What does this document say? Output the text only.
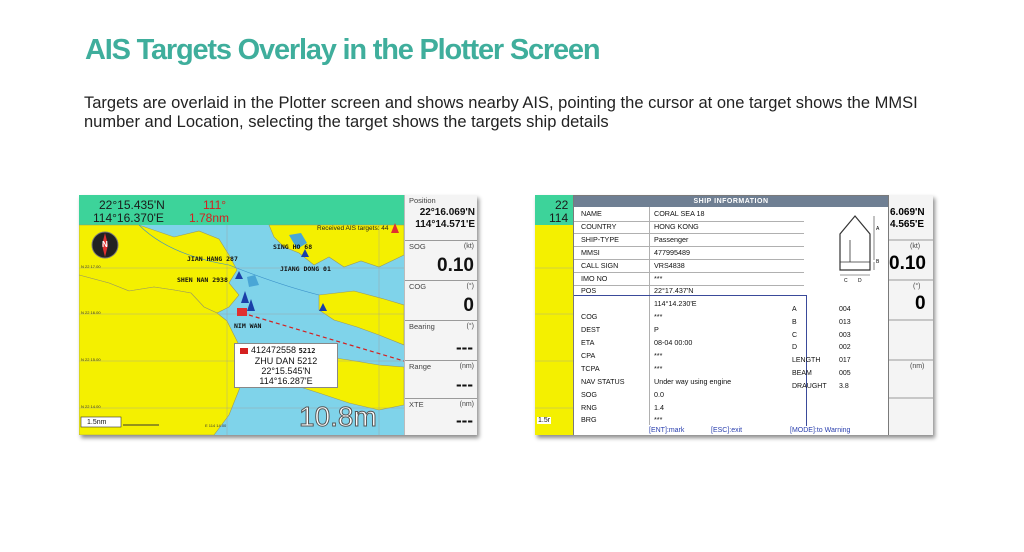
AIS Targets Overlay in the Plotter Screen

Targets are overlaid in the Plotter screen and shows nearby AIS, pointing the cursor at one target shows the MMSI number and Location, selecting the target shows the targets ship details

22°15.435'N
114°16.370'E
111°
1.78nm
Received AIS targets: 44
N	SING HO 68
JIAN HANG 287
JIANG DONG 01
SHEN NAN 2938
NIM WAN
N 22 17.00
N 22 16.00
N 22 15.00
N 22 14.00
E 114 14.00
1.5nm
412472558 5212
ZHU DAN 5212
22°15.545'N
114°16.287'E
10.8m
Position
22°16.069'N
114°14.571'E
SOG	(kt)
0.10
COG	(°)
0
Bearing	(°)
---
Range	(nm)
---
XTE	(nm)
---
22
114
1.5r
6.069'N
4.565'E
(kt)
0.10
(°)
0
(nm)
SHIP INFORMATION
NAME	CORAL SEA 18
COUNTRY	HONG KONG
SHIP-TYPE	Passenger
MMSI	477995489
CALL SIGN	VRS4838
IMO NO	***
POS	22°17.437'N
114°14.230'E
COG	***
DEST	P
ETA	08-04 00:00
CPA	***
TCPA	***
NAV STATUS	Under way using engine
SOG	0.0
RNG	1.4
BRG	***
A
B
C D
A	004
B	013
C	003
D	002
LENGTH	017
BEAM	005
DRAUGHT 3.8
[ENT]:mark	[ESC]:exit	[MODE]:to Warning
